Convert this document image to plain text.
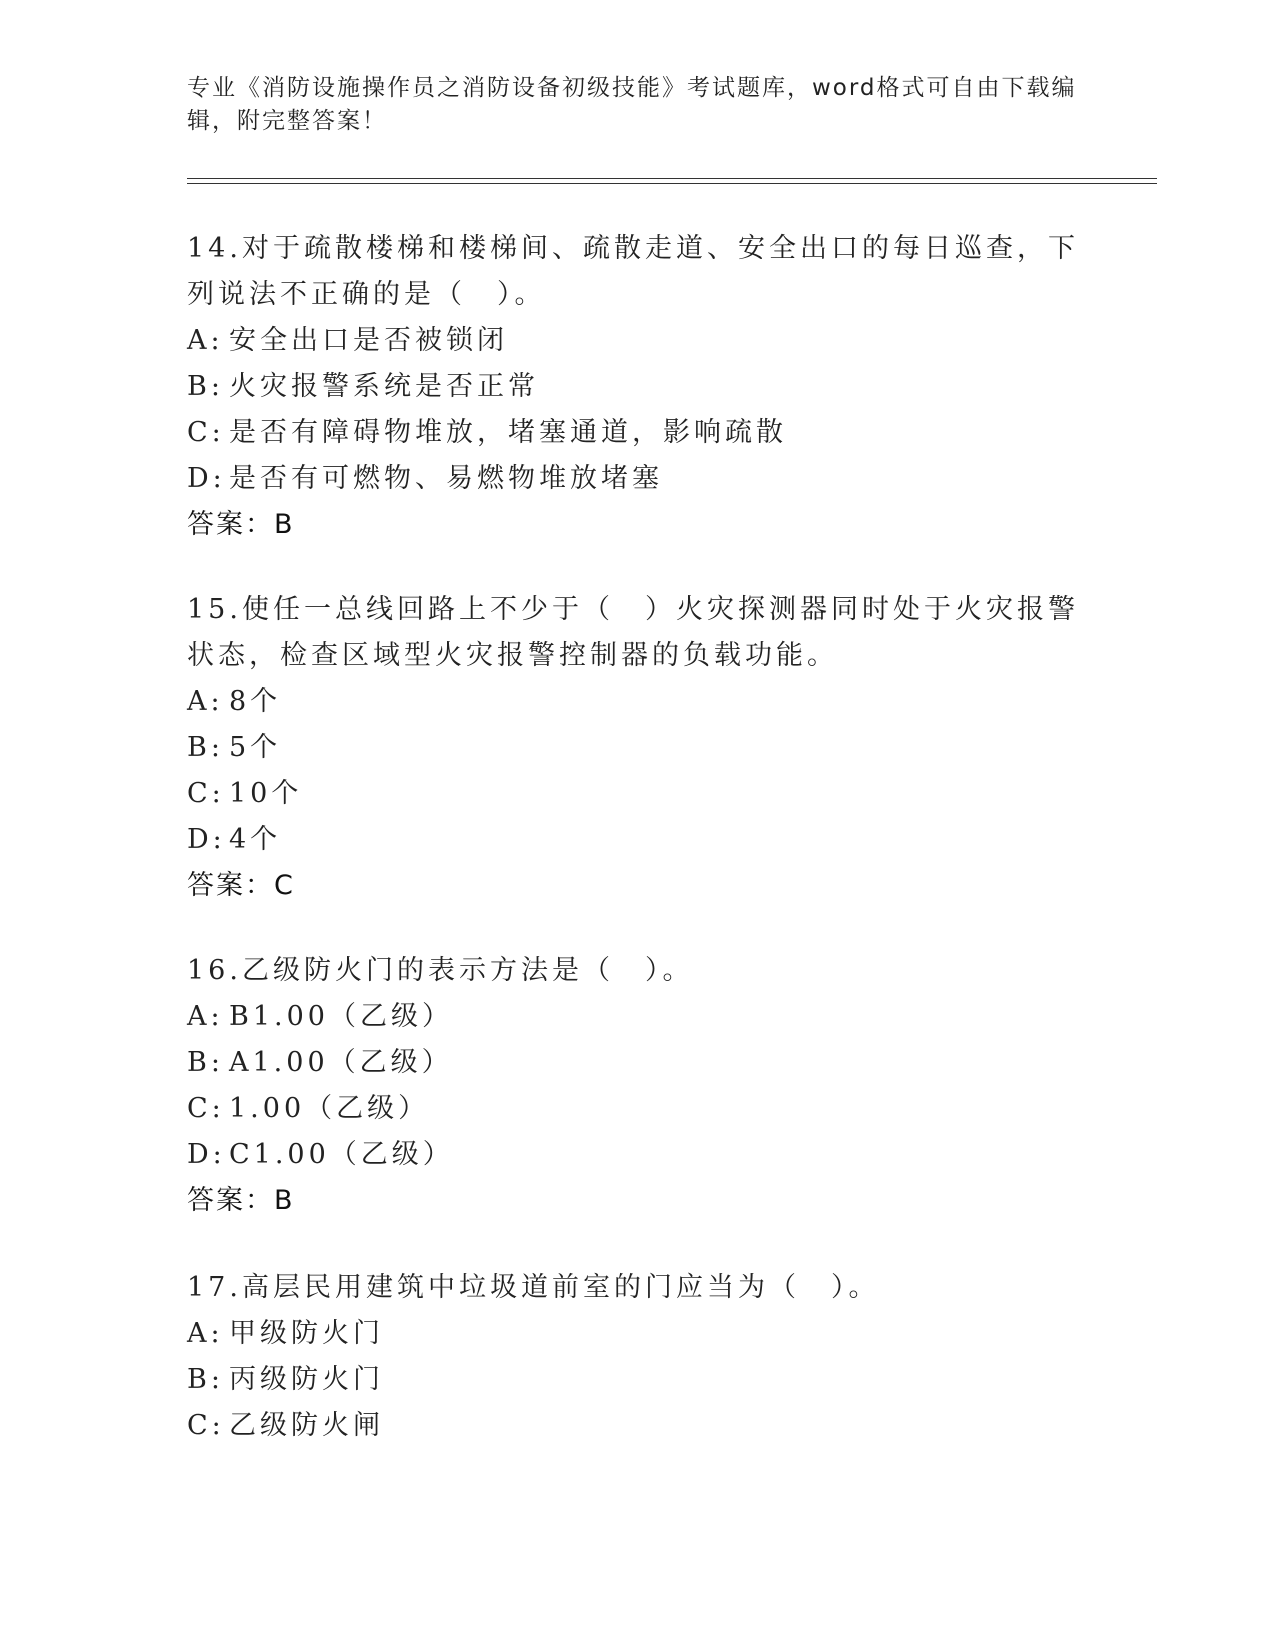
专业《消防设施操作员之消防设备初级技能》考试题库，word格式可自由下载编辑，附完整答案！
14.对于疏散楼梯和楼梯间、疏散走道、安全出口的每日巡查，下列说法不正确的是（　）。
A: 安全出口是否被锁闭
B: 火灾报警系统是否正常
C: 是否有障碍物堆放，堵塞通道，影响疏散
D: 是否有可燃物、易燃物堆放堵塞
答案：B
15.使任一总线回路上不少于（　）火灾探测器同时处于火灾报警状态，检查区域型火灾报警控制器的负载功能。
A: 8个
B: 5个
C: 10个
D: 4个
答案：C
16.乙级防火门的表示方法是（　）。
A: B1.00（乙级）
B: A1.00（乙级）
C: 1.00（乙级）
D: C1.00（乙级）
答案：B
17.高层民用建筑中垃圾道前室的门应当为（　）。
A: 甲级防火门
B: 丙级防火门
C: 乙级防火闸
